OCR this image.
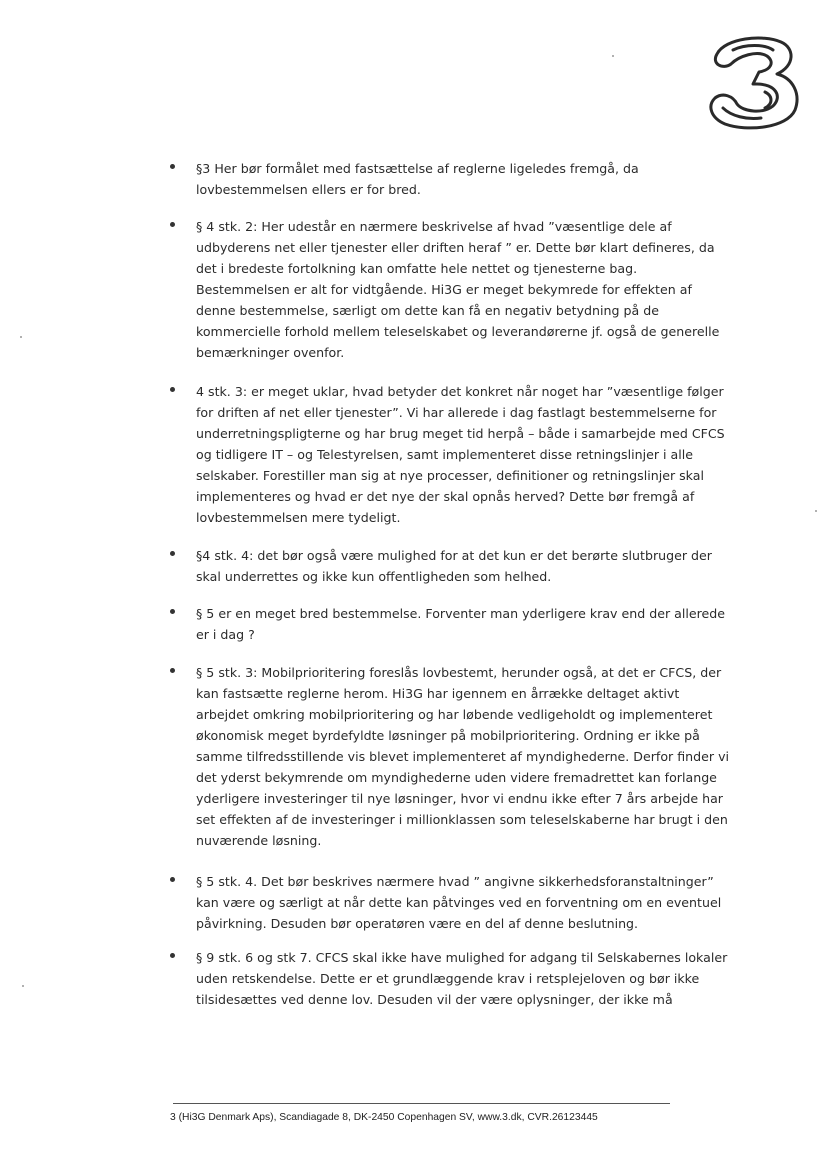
§3 Her bør formålet med fastsættelse af reglerne ligeledes fremgå, da
lovbestemmelsen ellers er for bred.
§ 4 stk. 2: Her udestår en nærmere beskrivelse af hvad ”væsentlige dele af
udbyderens net eller tjenester eller driften heraf ” er. Dette bør klart defineres, da
det i bredeste fortolkning kan omfatte hele nettet og tjenesterne bag.
Bestemmelsen er alt for vidtgående. Hi3G er meget bekymrede for effekten af
denne bestemmelse, særligt om dette kan få en negativ betydning på de
kommercielle forhold mellem teleselskabet og leverandørerne jf. også de generelle
bemærkninger ovenfor.
4 stk. 3: er meget uklar, hvad betyder det konkret når noget har ”væsentlige følger
for driften af net eller tjenester”. Vi har allerede i dag fastlagt bestemmelserne for
underretningspligterne og har brug meget tid herpå – både i samarbejde med CFCS
og tidligere IT – og Telestyrelsen, samt implementeret disse retningslinjer i alle
selskaber. Forestiller man sig at nye processer, definitioner og retningslinjer skal
implementeres og hvad er det nye der skal opnås herved? Dette bør fremgå af
lovbestemmelsen mere tydeligt.
§4 stk. 4: det bør også være mulighed for at det kun er det berørte slutbruger der
skal underrettes og ikke kun offentligheden som helhed.
§ 5 er en meget bred bestemmelse. Forventer man yderligere krav end der allerede
er i dag ?
§ 5 stk. 3: Mobilprioritering foreslås lovbestemt, herunder også, at det er CFCS, der
kan fastsætte reglerne herom. Hi3G har igennem en årrække deltaget aktivt
arbejdet omkring mobilprioritering og har løbende vedligeholdt og implementeret
økonomisk meget byrdefyldte løsninger på mobilprioritering. Ordning er ikke på
samme tilfredsstillende vis blevet implementeret af myndighederne. Derfor finder vi
det yderst bekymrende om myndighederne uden videre fremadrettet kan forlange
yderligere investeringer til nye løsninger, hvor vi endnu ikke efter 7 års arbejde har
set effekten af de investeringer i millionklassen som teleselskaberne har brugt i den
nuværende løsning.
§ 5 stk. 4. Det bør beskrives nærmere hvad ” angivne sikkerhedsforanstaltninger”
kan være og særligt at når dette kan påtvinges ved en forventning om en eventuel
påvirkning. Desuden bør operatøren være en del af denne beslutning.
§ 9 stk. 6 og stk 7. CFCS skal ikke have mulighed for adgang til Selskabernes lokaler
uden retskendelse. Dette er et grundlæggende krav i retsplejeloven og bør ikke
tilsidesættes ved denne lov. Desuden vil der være oplysninger, der ikke må
3 (Hi3G Denmark Aps), Scandiagade 8, DK-2450 Copenhagen SV, www.3.dk, CVR.26123445
